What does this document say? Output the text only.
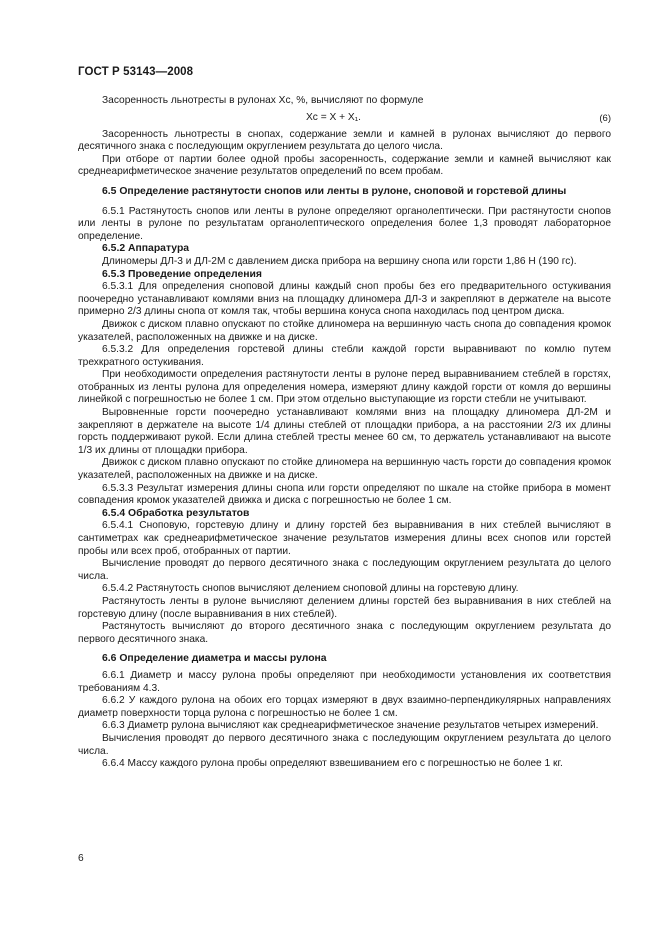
ГОСТ Р 53143—2008

Засоренность льнотресты в рулонах Хс, %, вычисляют по формуле

Хс = Х + Х₁.	(6)

Засоренность льнотресты в снопах, содержание земли и камней в рулонах вычисляют до первого десятичного знака с последующим округлением результата до целого числа.

При отборе от партии более одной пробы засоренность, содержание земли и камней вычисляют как среднеарифметическое значение результатов определений по всем пробам.

6.5 Определение растянутости снопов или ленты в рулоне, сноповой и горстевой длины

6.5.1 Растянутость снопов или ленты в рулоне определяют органолептически. При растянутости снопов или ленты в рулоне по результатам органолептического определения более 1,3 проводят лабораторное определение.

6.5.2 Аппаратура

Длиномеры ДЛ-3 и ДЛ-2М с давлением диска прибора на вершину снопа или горсти 1,86 Н (190 гс).

6.5.3 Проведение определения

6.5.3.1 Для определения сноповой длины каждый сноп пробы без его предварительного остукивания поочередно устанавливают комлями вниз на площадку длиномера ДЛ-3 и закрепляют в держателе на высоте примерно 2/3 длины снопа от комля так, чтобы вершина конуса снопа находилась под центром диска.

Движок с диском плавно опускают по стойке длиномера на вершинную часть снопа до совпадения кромок указателей, расположенных на движке и на диске.

6.5.3.2 Для определения горстевой длины стебли каждой горсти выравнивают по комлю путем трехкратного остукивания.

При необходимости определения растянутости ленты в рулоне перед выравниванием стеблей в горстях, отобранных из ленты рулона для определения номера, измеряют длину каждой горсти от комля до вершины линейкой с погрешностью не более 1 см. При этом отдельно выступающие из горсти стебли не учитывают.

Выровненные горсти поочередно устанавливают комлями вниз на площадку длиномера ДЛ-2М и закрепляют в держателе на высоте 1/4 длины стеблей от площадки прибора, а на расстоянии 2/3 их длины горсть поддерживают рукой. Если длина стеблей тресты менее 60 см, то держатель устанавливают на высоте 1/3 их длины от площадки прибора.

Движок с диском плавно опускают по стойке длиномера на вершинную часть горсти до совпадения кромок указателей, расположенных на движке и на диске.

6.5.3.3 Результат измерения длины снопа или горсти определяют по шкале на стойке прибора в момент совпадения кромок указателей движка и диска с погрешностью не более 1 см.

6.5.4 Обработка результатов

6.5.4.1 Сноповую, горстевую длину и длину горстей без выравнивания в них стеблей вычисляют в сантиметрах как среднеарифметическое значение результатов измерения длины всех снопов или горстей пробы или всех проб, отобранных от партии.

Вычисление проводят до первого десятичного знака с последующим округлением результата до целого числа.

6.5.4.2 Растянутость снопов вычисляют делением сноповой длины на горстевую длину.

Растянутость ленты в рулоне вычисляют делением длины горстей без выравнивания в них стеблей на горстевую длину (после выравнивания в них стеблей).

Растянутость вычисляют до второго десятичного знака с последующим округлением результата до первого десятичного знака.

6.6 Определение диаметра и массы рулона

6.6.1 Диаметр и массу рулона пробы определяют при необходимости установления их соответствия требованиям 4.3.

6.6.2 У каждого рулона на обоих его торцах измеряют в двух взаимно-перпендикулярных направлениях диаметр поверхности торца рулона с погрешностью не более 1 см.

6.6.3 Диаметр рулона вычисляют как среднеарифметическое значение результатов четырех измерений.

Вычисления проводят до первого десятичного знака с последующим округлением результата до целого числа.

6.6.4 Массу каждого рулона пробы определяют взвешиванием его с погрешностью не более 1 кг.

6
